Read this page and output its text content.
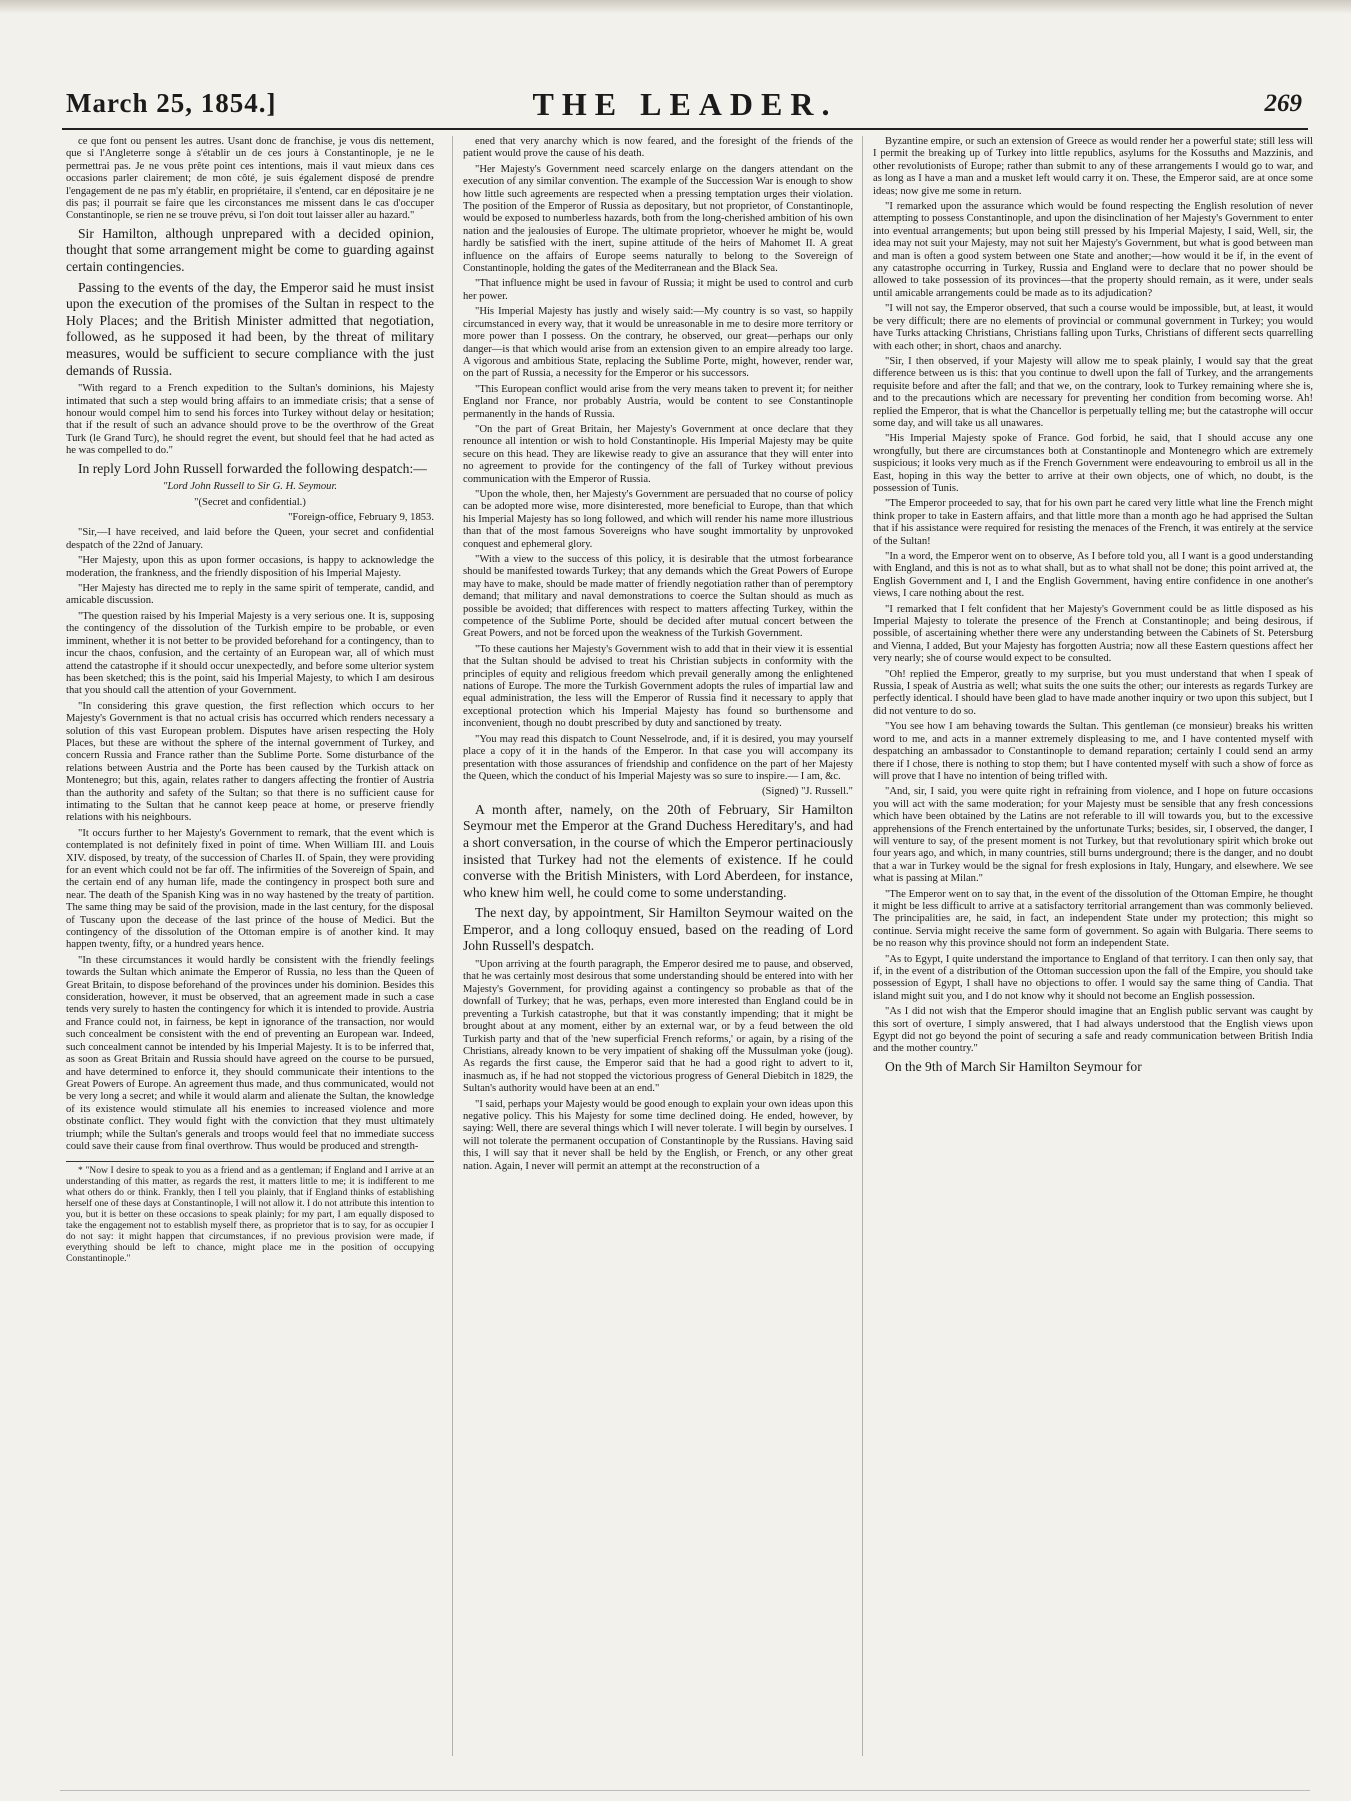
March 25, 1854.]	THE LEADER.	269

ce que font ou pensent les autres. Usant donc de franchise, je vous dis nettement, que si l'Angleterre songe à s'établir un de ces jours à Constantinople, je ne le permettrai pas. Je ne vous prête point ces intentions, mais il vaut mieux dans ces occasions parler clairement; de mon côté, je suis également disposé de prendre l'engagement de ne pas m'y établir, en propriétaire, il s'entend, car en dépositaire je ne dis pas; il pourrait se faire que les circonstances me missent dans le cas d'occuper Constantinople, se rien ne se trouve prévu, si l'on doit tout laisser aller au hazard."

Sir Hamilton, although unprepared with a decided opinion, thought that some arrangement might be come to guarding against certain contingencies.

Passing to the events of the day, the Emperor said he must insist upon the execution of the promises of the Sultan in respect to the Holy Places; and the British Minister admitted that negotiation, followed, as he supposed it had been, by the threat of military measures, would be sufficient to secure compliance with the just demands of Russia.

"With regard to a French expedition to the Sultan's dominions, his Majesty intimated that such a step would bring affairs to an immediate crisis; that a sense of honour would compel him to send his forces into Turkey without delay or hesitation; that if the result of such an advance should prove to be the overthrow of the Great Turk (le Grand Turc), he should regret the event, but should feel that he had acted as he was compelled to do."

In reply Lord John Russell forwarded the following despatch:—

"Lord John Russell to Sir G. H. Seymour.

"(Secret and confidential.)

"Foreign-office, February 9, 1853.

"Sir,—I have received, and laid before the Queen, your secret and confidential despatch of the 22nd of January.

"Her Majesty, upon this as upon former occasions, is happy to acknowledge the moderation, the frankness, and the friendly disposition of his Imperial Majesty.

"Her Majesty has directed me to reply in the same spirit of temperate, candid, and amicable discussion.

"The question raised by his Imperial Majesty is a very serious one. It is, supposing the contingency of the dissolution of the Turkish empire to be probable, or even imminent, whether it is not better to be provided beforehand for a contingency, than to incur the chaos, confusion, and the certainty of an European war, all of which must attend the catastrophe if it should occur unexpectedly, and before some ulterior system has been sketched; this is the point, said his Imperial Majesty, to which I am desirous that you should call the attention of your Government.

"In considering this grave question, the first reflection which occurs to her Majesty's Government is that no actual crisis has occurred which renders necessary a solution of this vast European problem. Disputes have arisen respecting the Holy Places, but these are without the sphere of the internal government of Turkey, and concern Russia and France rather than the Sublime Porte. Some disturbance of the relations between Austria and the Porte has been caused by the Turkish attack on Montenegro; but this, again, relates rather to dangers affecting the frontier of Austria than the authority and safety of the Sultan; so that there is no sufficient cause for intimating to the Sultan that he cannot keep peace at home, or preserve friendly relations with his neighbours.

"It occurs further to her Majesty's Government to remark, that the event which is contemplated is not definitely fixed in point of time. When William III. and Louis XIV. disposed, by treaty, of the succession of Charles II. of Spain, they were providing for an event which could not be far off. The infirmities of the Sovereign of Spain, and the certain end of any human life, made the contingency in prospect both sure and near. The death of the Spanish King was in no way hastened by the treaty of partition. The same thing may be said of the provision, made in the last century, for the disposal of Tuscany upon the decease of the last prince of the house of Medici. But the contingency of the dissolution of the Ottoman empire is of another kind. It may happen twenty, fifty, or a hundred years hence.

"In these circumstances it would hardly be consistent with the friendly feelings towards the Sultan which animate the Emperor of Russia, no less than the Queen of Great Britain, to dispose beforehand of the provinces under his dominion. Besides this consideration, however, it must be observed, that an agreement made in such a case tends very surely to hasten the contingency for which it is intended to provide. Austria and France could not, in fairness, be kept in ignorance of the transaction, nor would such concealment be consistent with the end of preventing an European war. Indeed, such concealment cannot be intended by his Imperial Majesty. It is to be inferred that, as soon as Great Britain and Russia should have agreed on the course to be pursued, and have determined to enforce it, they should communicate their intentions to the Great Powers of Europe. An agreement thus made, and thus communicated, would not be very long a secret; and while it would alarm and alienate the Sultan, the knowledge of its existence would stimulate all his enemies to increased violence and more obstinate conflict. They would fight with the conviction that they must ultimately triumph; while the Sultan's generals and troops would feel that no immediate success could save their cause from final overthrow. Thus would be produced and strength-

* "Now I desire to speak to you as a friend and as a gentleman; if England and I arrive at an understanding of this matter, as regards the rest, it matters little to me; it is indifferent to me what others do or think. Frankly, then I tell you plainly, that if England thinks of establishing herself one of these days at Constantinople, I will not allow it. I do not attribute this intention to you, but it is better on these occasions to speak plainly; for my part, I am equally disposed to take the engagement not to establish myself there, as proprietor that is to say, for as occupier I do not say: it might happen that circumstances, if no previous provision were made, if everything should be left to chance, might place me in the position of occupying Constantinople."

ened that very anarchy which is now feared, and the foresight of the friends of the patient would prove the cause of his death.

"Her Majesty's Government need scarcely enlarge on the dangers attendant on the execution of any similar convention. The example of the Succession War is enough to show how little such agreements are respected when a pressing temptation urges their violation. The position of the Emperor of Russia as depositary, but not proprietor, of Constantinople, would be exposed to numberless hazards, both from the long-cherished ambition of his own nation and the jealousies of Europe. The ultimate proprietor, whoever he might be, would hardly be satisfied with the inert, supine attitude of the heirs of Mahomet II. A great influence on the affairs of Europe seems naturally to belong to the Sovereign of Constantinople, holding the gates of the Mediterranean and the Black Sea.

"That influence might be used in favour of Russia; it might be used to control and curb her power.

"His Imperial Majesty has justly and wisely said:—My country is so vast, so happily circumstanced in every way, that it would be unreasonable in me to desire more territory or more power than I possess. On the contrary, he observed, our great—perhaps our only danger—is that which would arise from an extension given to an empire already too large. A vigorous and ambitious State, replacing the Sublime Porte, might, however, render war, on the part of Russia, a necessity for the Emperor or his successors.

"This European conflict would arise from the very means taken to prevent it; for neither England nor France, nor probably Austria, would be content to see Constantinople permanently in the hands of Russia.

"On the part of Great Britain, her Majesty's Government at once declare that they renounce all intention or wish to hold Constantinople. His Imperial Majesty may be quite secure on this head. They are likewise ready to give an assurance that they will enter into no agreement to provide for the contingency of the fall of Turkey without previous communication with the Emperor of Russia.

"Upon the whole, then, her Majesty's Government are persuaded that no course of policy can be adopted more wise, more disinterested, more beneficial to Europe, than that which his Imperial Majesty has so long followed, and which will render his name more illustrious than that of the most famous Sovereigns who have sought immortality by unprovoked conquest and ephemeral glory.

"With a view to the success of this policy, it is desirable that the utmost forbearance should be manifested towards Turkey; that any demands which the Great Powers of Europe may have to make, should be made matter of friendly negotiation rather than of peremptory demand; that military and naval demonstrations to coerce the Sultan should as much as possible be avoided; that differences with respect to matters affecting Turkey, within the competence of the Sublime Porte, should be decided after mutual concert between the Great Powers, and not be forced upon the weakness of the Turkish Government.

"To these cautions her Majesty's Government wish to add that in their view it is essential that the Sultan should be advised to treat his Christian subjects in conformity with the principles of equity and religious freedom which prevail generally among the enlightened nations of Europe. The more the Turkish Government adopts the rules of impartial law and equal administration, the less will the Emperor of Russia find it necessary to apply that exceptional protection which his Imperial Majesty has found so burthensome and inconvenient, though no doubt prescribed by duty and sanctioned by treaty.

"You may read this dispatch to Count Nesselrode, and, if it is desired, you may yourself place a copy of it in the hands of the Emperor. In that case you will accompany its presentation with those assurances of friendship and confidence on the part of her Majesty the Queen, which the conduct of his Imperial Majesty was so sure to inspire.— I am, &c.

(Signed) "J. Russell."

A month after, namely, on the 20th of February, Sir Hamilton Seymour met the Emperor at the Grand Duchess Hereditary's, and had a short conversation, in the course of which the Emperor pertinaciously insisted that Turkey had not the elements of existence. If he could converse with the British Ministers, with Lord Aberdeen, for instance, who knew him well, he could come to some understanding.

The next day, by appointment, Sir Hamilton Seymour waited on the Emperor, and a long colloquy ensued, based on the reading of Lord John Russell's despatch.

"Upon arriving at the fourth paragraph, the Emperor desired me to pause, and observed, that he was certainly most desirous that some understanding should be entered into with her Majesty's Government, for providing against a contingency so probable as that of the downfall of Turkey; that he was, perhaps, even more interested than England could be in preventing a Turkish catastrophe, but that it was constantly impending; that it might be brought about at any moment, either by an external war, or by a feud between the old Turkish party and that of the 'new superficial French reforms,' or again, by a rising of the Christians, already known to be very impatient of shaking off the Mussulman yoke (joug). As regards the first cause, the Emperor said that he had a good right to advert to it, inasmuch as, if he had not stopped the victorious progress of General Diebitch in 1829, the Sultan's authority would have been at an end."

"I said, perhaps your Majesty would be good enough to explain your own ideas upon this negative policy. This his Majesty for some time declined doing. He ended, however, by saying: Well, there are several things which I will never tolerate. I will begin by ourselves. I will not tolerate the permanent occupation of Constantinople by the Russians. Having said this, I will say that it never shall be held by the English, or French, or any other great nation. Again, I never will permit an attempt at the reconstruction of a

Byzantine empire, or such an extension of Greece as would render her a powerful state; still less will I permit the breaking up of Turkey into little republics, asylums for the Kossuths and Mazzinis, and other revolutionists of Europe; rather than submit to any of these arrangements I would go to war, and as long as I have a man and a musket left would carry it on. These, the Emperor said, are at once some ideas; now give me some in return.

"I remarked upon the assurance which would be found respecting the English resolution of never attempting to possess Constantinople, and upon the disinclination of her Majesty's Government to enter into eventual arrangements; but upon being still pressed by his Imperial Majesty, I said, Well, sir, the idea may not suit your Majesty, may not suit her Majesty's Government, but what is good between man and man is often a good system between one State and another;—how would it be if, in the event of any catastrophe occurring in Turkey, Russia and England were to declare that no power should be allowed to take possession of its provinces—that the property should remain, as it were, under seals until amicable arrangements could be made as to its adjudication?

"I will not say, the Emperor observed, that such a course would be impossible, but, at least, it would be very difficult; there are no elements of provincial or communal government in Turkey; you would have Turks attacking Christians, Christians falling upon Turks, Christians of different sects quarrelling with each other; in short, chaos and anarchy.

"Sir, I then observed, if your Majesty will allow me to speak plainly, I would say that the great difference between us is this: that you continue to dwell upon the fall of Turkey, and the arrangements requisite before and after the fall; and that we, on the contrary, look to Turkey remaining where she is, and to the precautions which are necessary for preventing her condition from becoming worse. Ah! replied the Emperor, that is what the Chancellor is perpetually telling me; but the catastrophe will occur some day, and will take us all unawares.

"His Imperial Majesty spoke of France. God forbid, he said, that I should accuse any one wrongfully, but there are circumstances both at Constantinople and Montenegro which are extremely suspicious; it looks very much as if the French Government were endeavouring to embroil us all in the East, hoping in this way the better to arrive at their own objects, one of which, no doubt, is the possession of Tunis.

"The Emperor proceeded to say, that for his own part he cared very little what line the French might think proper to take in Eastern affairs, and that little more than a month ago he had apprised the Sultan that if his assistance were required for resisting the menaces of the French, it was entirely at the service of the Sultan!

"In a word, the Emperor went on to observe, As I before told you, all I want is a good understanding with England, and this is not as to what shall, but as to what shall not be done; this point arrived at, the English Government and I, I and the English Government, having entire confidence in one another's views, I care nothing about the rest.

"I remarked that I felt confident that her Majesty's Government could be as little disposed as his Imperial Majesty to tolerate the presence of the French at Constantinople; and being desirous, if possible, of ascertaining whether there were any understanding between the Cabinets of St. Petersburg and Vienna, I added, But your Majesty has forgotten Austria; now all these Eastern questions affect her very nearly; she of course would expect to be consulted.

"Oh! replied the Emperor, greatly to my surprise, but you must understand that when I speak of Russia, I speak of Austria as well; what suits the one suits the other; our interests as regards Turkey are perfectly identical. I should have been glad to have made another inquiry or two upon this subject, but I did not venture to do so.

"You see how I am behaving towards the Sultan. This gentleman (ce monsieur) breaks his written word to me, and acts in a manner extremely displeasing to me, and I have contented myself with despatching an ambassador to Constantinople to demand reparation; certainly I could send an army there if I chose, there is nothing to stop them; but I have contented myself with such a show of force as will prove that I have no intention of being trifled with.

"And, sir, I said, you were quite right in refraining from violence, and I hope on future occasions you will act with the same moderation; for your Majesty must be sensible that any fresh concessions which have been obtained by the Latins are not referable to ill will towards you, but to the excessive apprehensions of the French entertained by the unfortunate Turks; besides, sir, I observed, the danger, I will venture to say, of the present moment is not Turkey, but that revolutionary spirit which broke out four years ago, and which, in many countries, still burns underground; there is the danger, and no doubt that a war in Turkey would be the signal for fresh explosions in Italy, Hungary, and elsewhere. We see what is passing at Milan."

"The Emperor went on to say that, in the event of the dissolution of the Ottoman Empire, he thought it might be less difficult to arrive at a satisfactory territorial arrangement than was commonly believed. The principalities are, he said, in fact, an independent State under my protection; this might so continue. Servia might receive the same form of government. So again with Bulgaria. There seems to be no reason why this province should not form an independent State.

"As to Egypt, I quite understand the importance to England of that territory. I can then only say, that if, in the event of a distribution of the Ottoman succession upon the fall of the Empire, you should take possession of Egypt, I shall have no objections to offer. I would say the same thing of Candia. That island might suit you, and I do not know why it should not become an English possession.

"As I did not wish that the Emperor should imagine that an English public servant was caught by this sort of overture, I simply answered, that I had always understood that the English views upon Egypt did not go beyond the point of securing a safe and ready communication between British India and the mother country."

On the 9th of March Sir Hamilton Seymour for
